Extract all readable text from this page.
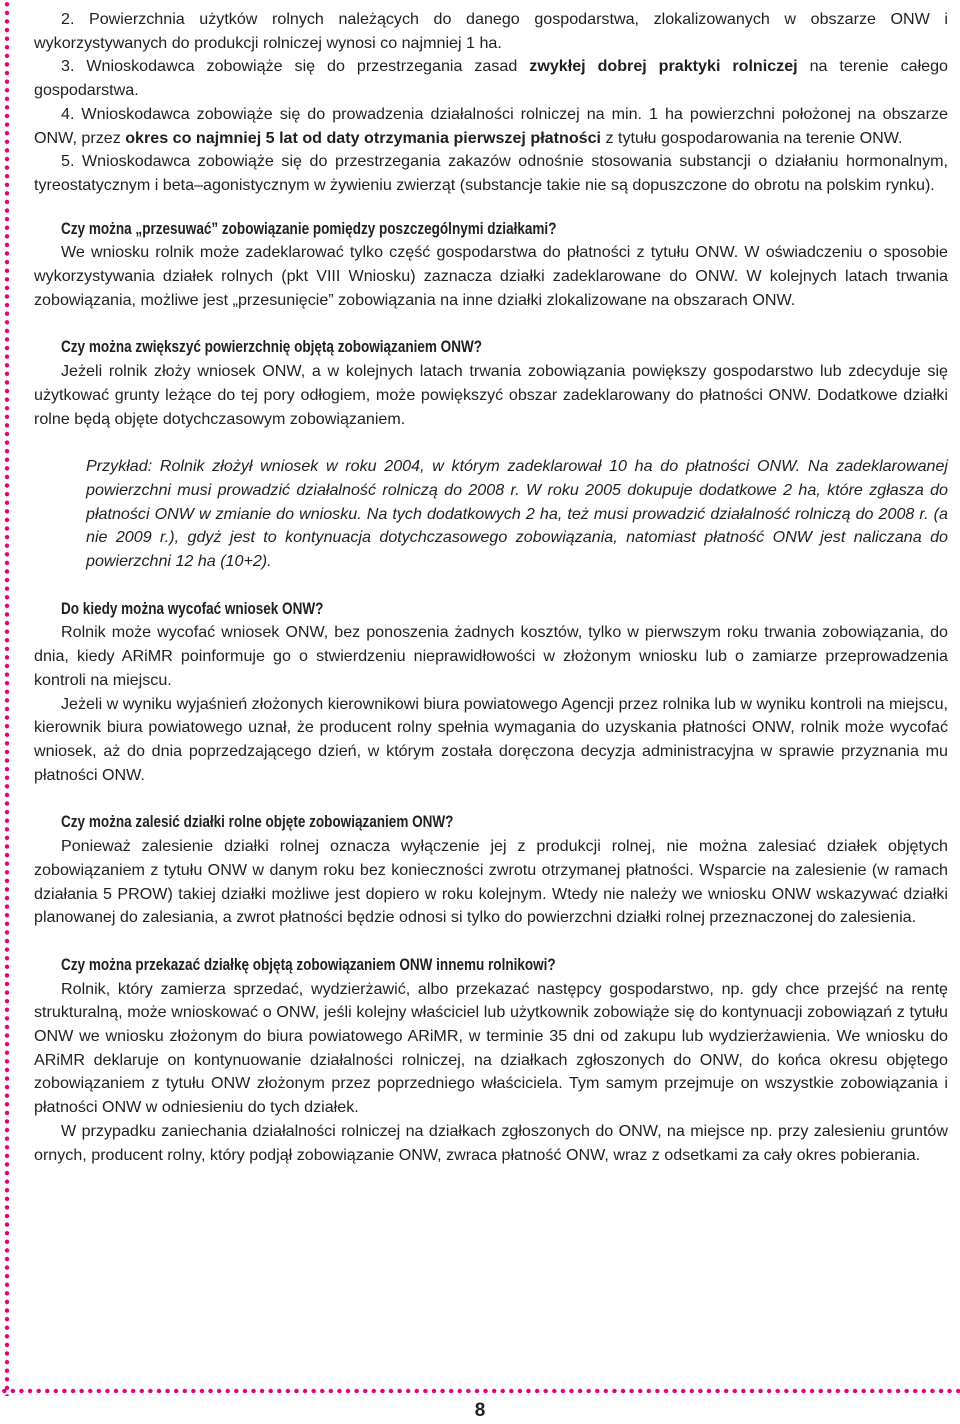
2. Powierzchnia użytków rolnych należących do danego gospodarstwa, zlokalizowanych w obszarze ONW i wykorzystywanych do produkcji rolniczej wynosi co najmniej 1 ha.

3. Wnioskodawca zobowiąże się do przestrzegania zasad zwykłej dobrej praktyki rolniczej na terenie całego gospodarstwa.

4. Wnioskodawca zobowiąże się do prowadzenia działalności rolniczej na min. 1 ha powierzchni położonej na obszarze ONW, przez okres co najmniej 5 lat od daty otrzymania pierwszej płatności z tytułu gospodarowania na terenie ONW.

5. Wnioskodawca zobowiąże się do przestrzegania zakazów odnośnie stosowania substancji o działaniu hormonalnym, tyreostatycznym i beta–agonistycznym w żywieniu zwierząt (substancje takie nie są dopuszczone do obrotu na polskim rynku).

Czy można „przesuwać” zobowiązanie pomiędzy poszczególnymi działkami?

We wniosku rolnik może zadeklarować tylko część gospodarstwa do płatności z tytułu ONW. W oświadczeniu o sposobie wykorzystywania działek rolnych (pkt VIII Wniosku) zaznacza działki zadeklarowane do ONW. W kolejnych latach trwania zobowiązania, możliwe jest „przesunięcie” zobowiązania na inne działki zlokalizowane na obszarach ONW.

Czy można zwiększyć powierzchnię objętą zobowiązaniem ONW?

Jeżeli rolnik złoży wniosek ONW, a w kolejnych latach trwania zobowiązania powiększy gospodarstwo lub zdecyduje się użytkować grunty leżące do tej pory odłogiem, może powiększyć obszar zadeklarowany do płatności ONW. Dodatkowe działki rolne będą objęte dotychczasowym zobowiązaniem.

Przykład: Rolnik złożył wniosek w roku 2004, w którym zadeklarował 10 ha do płatności ONW. Na zadeklarowanej powierzchni musi prowadzić działalność rolniczą do 2008 r. W roku 2005 dokupuje dodatkowe 2 ha, które zgłasza do płatności ONW w zmianie do wniosku. Na tych dodatkowych 2 ha, też musi prowadzić działalność rolniczą do 2008 r. (a nie 2009 r.), gdyż jest to kontynuacja dotychczasowego zobowiązania, natomiast płatność ONW jest naliczana do powierzchni 12 ha (10+2).

Do kiedy można wycofać wniosek ONW?

Rolnik może wycofać wniosek ONW, bez ponoszenia żadnych kosztów, tylko w pierwszym roku trwania zobowiązania, do dnia, kiedy ARiMR poinformuje go o stwierdzeniu nieprawidłowości w złożonym wniosku lub o zamiarze przeprowadzenia kontroli na miejscu.

Jeżeli w wyniku wyjaśnień złożonych kierownikowi biura powiatowego Agencji przez rolnika lub w wyniku kontroli na miejscu, kierownik biura powiatowego uznał, że producent rolny spełnia wymagania do uzyskania płatności ONW, rolnik może wycofać wniosek, aż do dnia poprzedzającego dzień, w którym została doręczona decyzja administracyjna w sprawie przyznania mu płatności ONW.

Czy można zalesić działki rolne objęte zobowiązaniem ONW?

Ponieważ zalesienie działki rolnej oznacza wyłączenie jej z produkcji rolnej, nie można zalesiać działek objętych zobowiązaniem z tytułu ONW w danym roku bez konieczności zwrotu otrzymanej płatności. Wsparcie na zalesienie (w ramach działania 5 PROW) takiej działki możliwe jest dopiero w roku kolejnym. Wtedy nie należy we wniosku ONW wskazywać działki planowanej do zalesiania, a zwrot płatności będzie odnosi si tylko do powierzchni działki rolnej przeznaczonej do zalesienia.

Czy można przekazać działkę objętą zobowiązaniem ONW innemu rolnikowi?

Rolnik, który zamierza sprzedać, wydzierżawić, albo przekazać następcy gospodarstwo, np. gdy chce przejść na rentę strukturalną, może wnioskować o ONW, jeśli kolejny właściciel lub użytkownik zobowiąże się do kontynuacji zobowiązań z tytułu ONW we wniosku złożonym do biura powiatowego ARiMR, w terminie 35 dni od zakupu lub wydzierżawienia. We wniosku do ARiMR deklaruje on kontynuowanie działalności rolniczej, na działkach zgłoszonych do ONW, do końca okresu objętego zobowiązaniem z tytułu ONW złożonym przez poprzedniego właściciela. Tym samym przejmuje on wszystkie zobowiązania i płatności ONW w odniesieniu do tych działek.

W przypadku zaniechania działalności rolniczej na działkach zgłoszonych do ONW, na miejsce np. przy zalesieniu gruntów ornych, producent rolny, który podjął zobowiązanie ONW, zwraca płatność ONW, wraz z odsetkami za cały okres pobierania.

8
